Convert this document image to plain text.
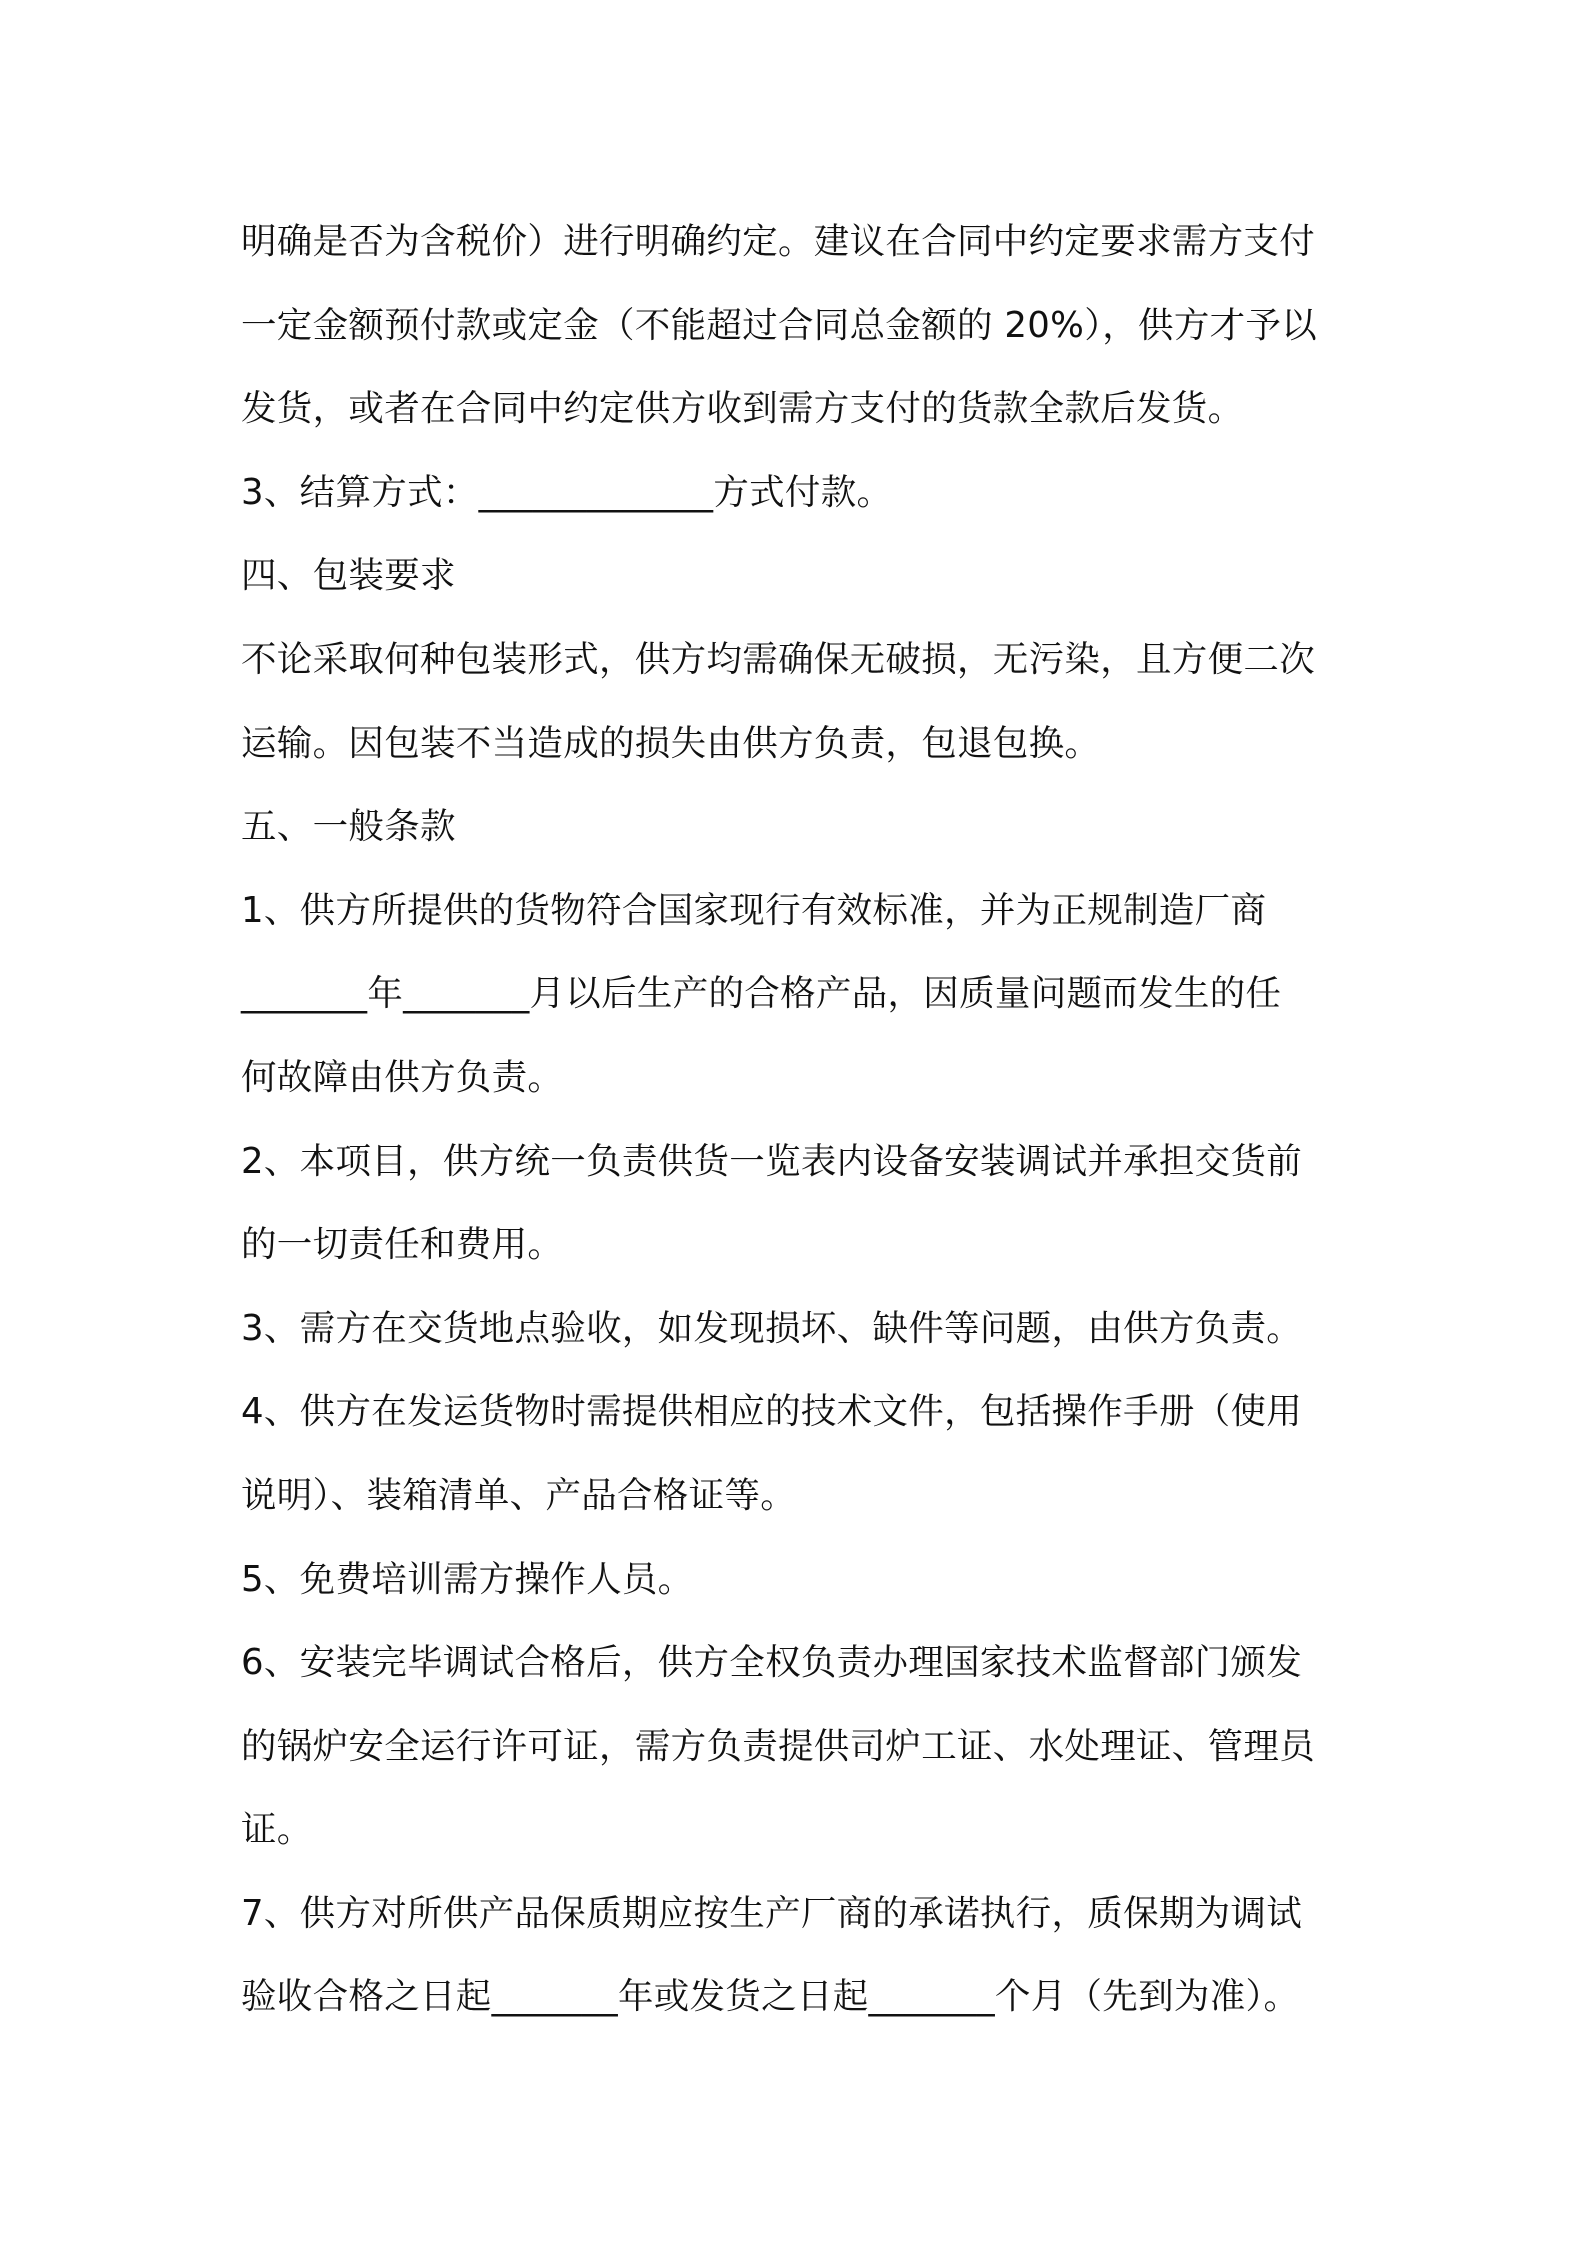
明确是否为含税价）进行明确约定。建议在合同中约定要求需方支付
一定金额预付款或定金（不能超过合同总金额的 20%），供方才予以
发货，或者在合同中约定供方收到需方支付的货款全款后发货。
3、结算方式：_____________方式付款。
四、包装要求
不论采取何种包装形式，供方均需确保无破损，无污染，且方便二次
运输。因包装不当造成的损失由供方负责，包退包换。
五、一般条款
1、供方所提供的货物符合国家现行有效标准，并为正规制造厂商
_______年_______月以后生产的合格产品，因质量问题而发生的任
何故障由供方负责。
2、本项目，供方统一负责供货一览表内设备安装调试并承担交货前
的一切责任和费用。
3、需方在交货地点验收，如发现损坏、缺件等问题，由供方负责。
4、供方在发运货物时需提供相应的技术文件，包括操作手册（使用
说明）、装箱清单、产品合格证等。
5、免费培训需方操作人员。
6、安装完毕调试合格后，供方全权负责办理国家技术监督部门颁发
的锅炉安全运行许可证，需方负责提供司炉工证、水处理证、管理员
证。
7、供方对所供产品保质期应按生产厂商的承诺执行，质保期为调试
验收合格之日起_______年或发货之日起_______个月（先到为准）。
